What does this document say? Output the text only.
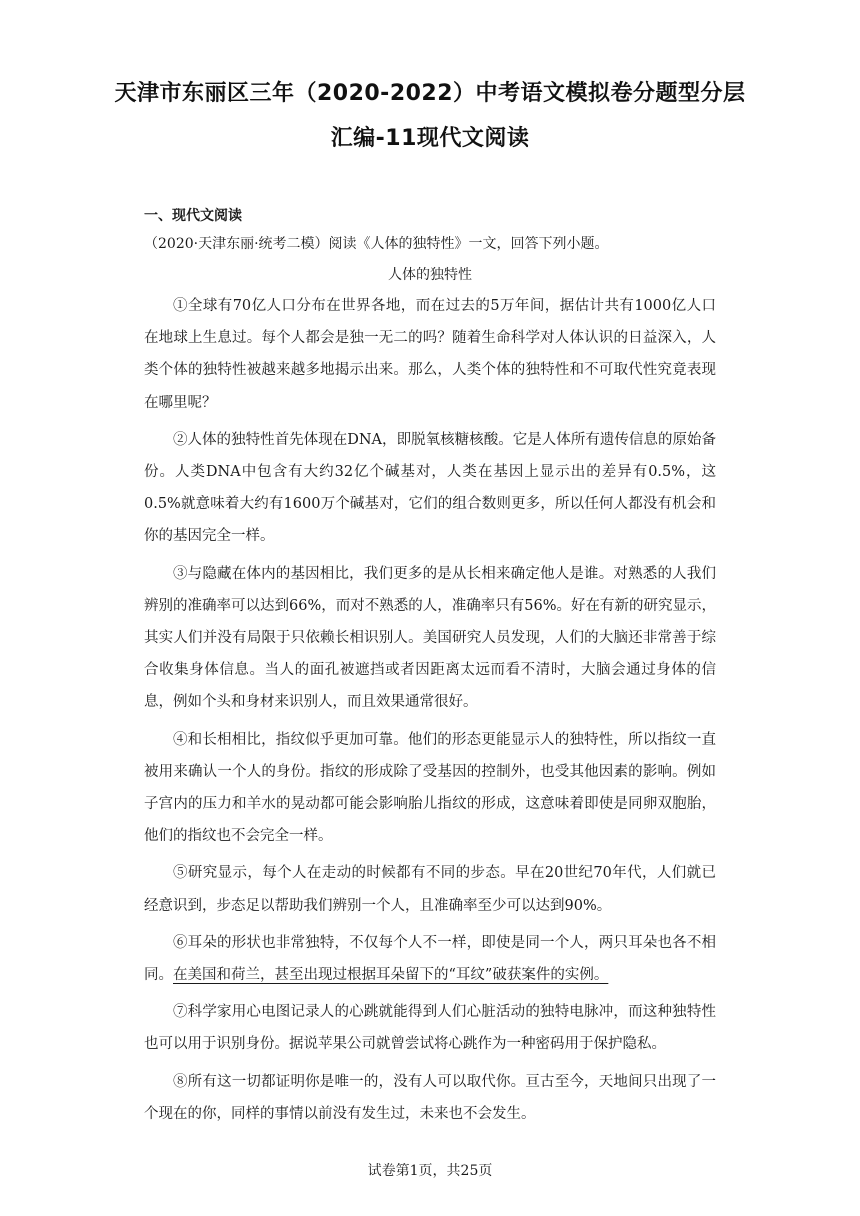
天津市东丽区三年（2020-2022）中考语文模拟卷分题型分层
汇编-11现代文阅读
一、现代文阅读
（2020·天津东丽·统考二模）阅读《人体的独特性》一文，回答下列小题。
人体的独特性

①全球有70亿人口分布在世界各地，而在过去的5万年间，据估计共有1000亿人口在地球上生息过。每个人都会是独一无二的吗？随着生命科学对人体认识的日益深入，人类个体的独特性被越来越多地揭示出来。那么，人类个体的独特性和不可取代性究竟表现在哪里呢？

②人体的独特性首先体现在DNA，即脱氧核糖核酸。它是人体所有遗传信息的原始备份。人类DNA中包含有大约32亿个碱基对，人类在基因上显示出的差异有0.5%，这0.5%就意味着大约有1600万个碱基对，它们的组合数则更多，所以任何人都没有机会和你的基因完全一样。

③与隐藏在体内的基因相比，我们更多的是从长相来确定他人是谁。对熟悉的人我们辨别的准确率可以达到66%，而对不熟悉的人，准确率只有56%。好在有新的研究显示，其实人们并没有局限于只依赖长相识别人。美国研究人员发现，人们的大脑还非常善于综合收集身体信息。当人的面孔被遮挡或者因距离太远而看不清时，大脑会通过身体的信息，例如个头和身材来识别人，而且效果通常很好。

④和长相相比，指纹似乎更加可靠。他们的形态更能显示人的独特性，所以指纹一直被用来确认一个人的身份。指纹的形成除了受基因的控制外，也受其他因素的影响。例如子宫内的压力和羊水的晃动都可能会影响胎儿指纹的形成，这意味着即使是同卵双胞胎，他们的指纹也不会完全一样。

⑤研究显示，每个人在走动的时候都有不同的步态。早在20世纪70年代，人们就已经意识到，步态足以帮助我们辨别一个人，且准确率至少可以达到90%。

⑥耳朵的形状也非常独特，不仅每个人不一样，即使是同一个人，两只耳朵也各不相同。在美国和荷兰，甚至出现过根据耳朵留下的“耳纹”破获案件的实例。

⑦科学家用心电图记录人的心跳就能得到人们心脏活动的独特电脉冲，而这种独特性也可以用于识别身份。据说苹果公司就曾尝试将心跳作为一种密码用于保护隐私。

⑧所有这一切都证明你是唯一的，没有人可以取代你。亘古至今，天地间只出现了一个现在的你，同样的事情以前没有发生过，未来也不会发生。

试卷第1页，共25页
